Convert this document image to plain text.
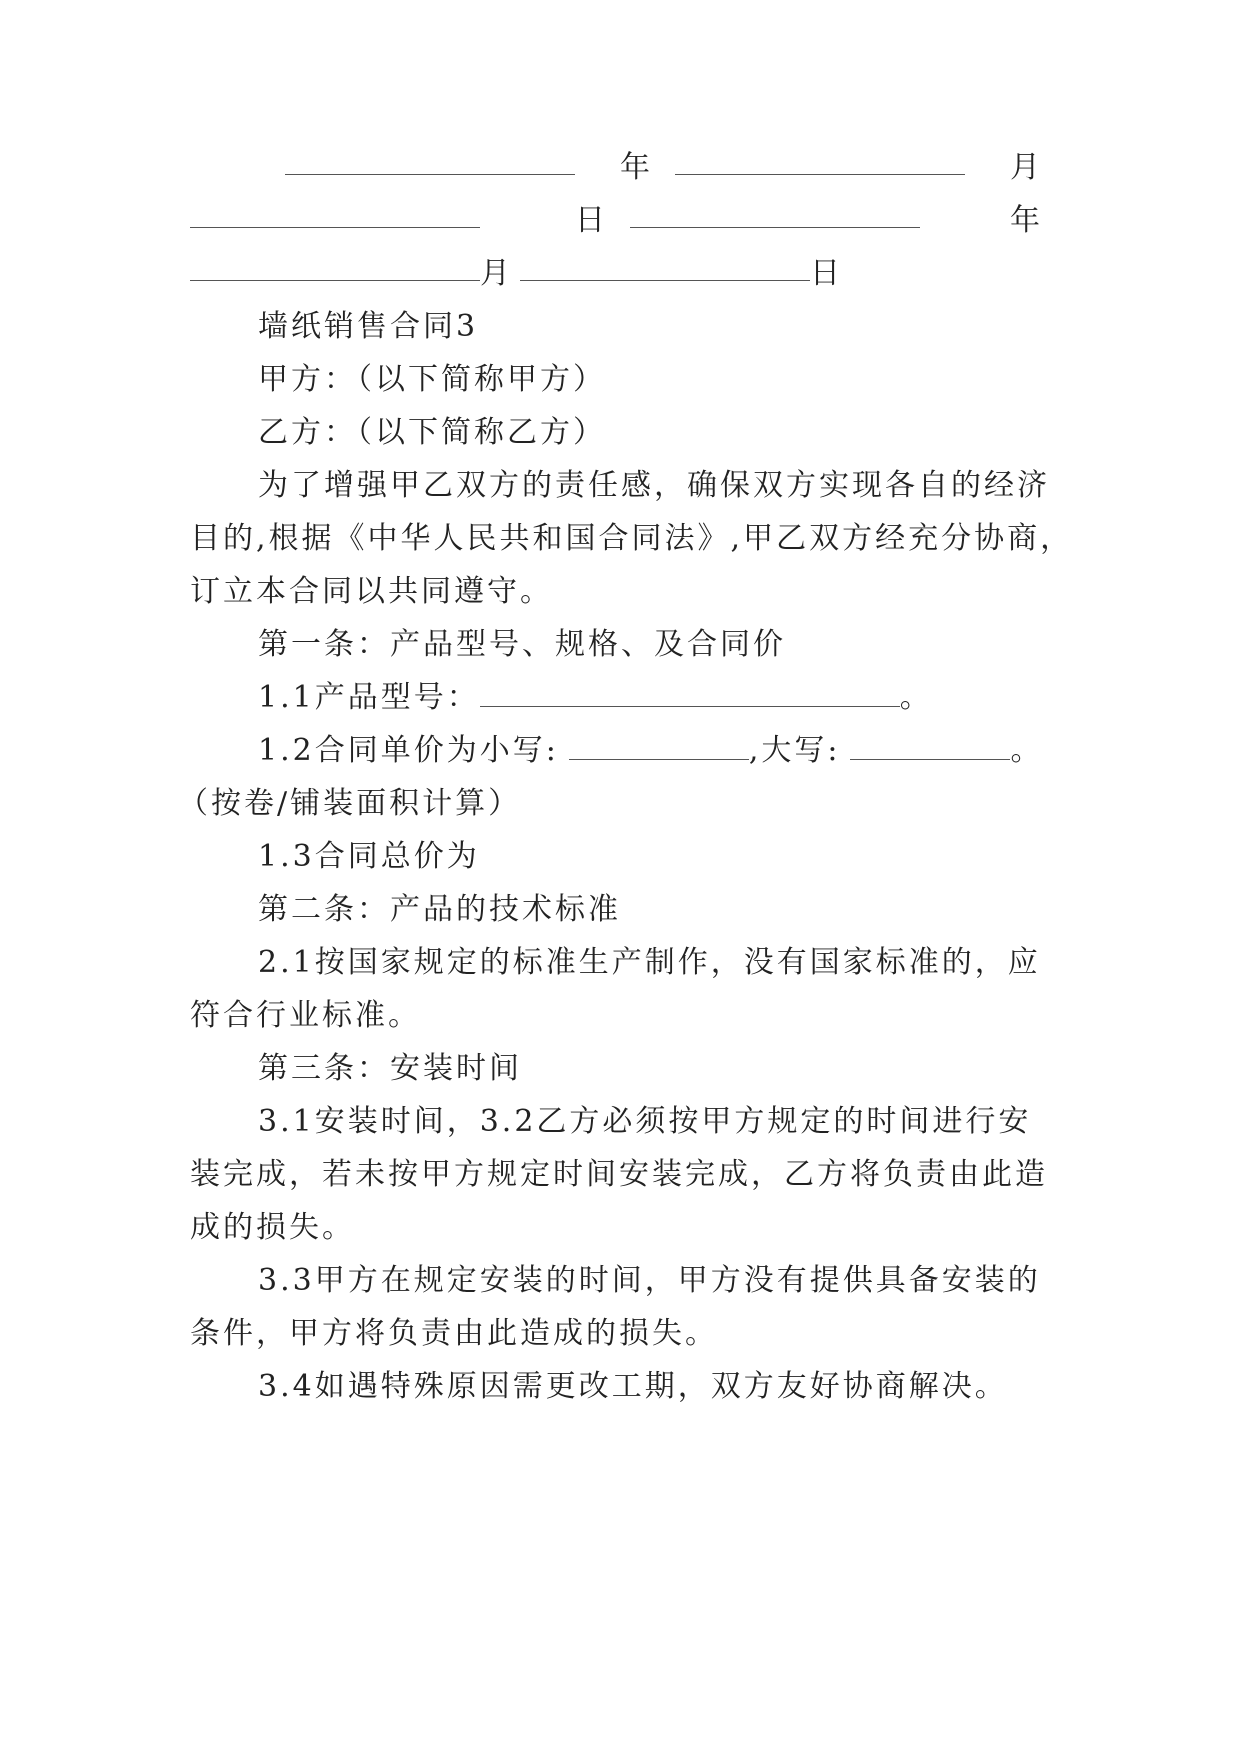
年	月
日	年
月	日
墙纸销售合同3
甲方：（以下简称甲方）
乙方：（以下简称乙方）
为了增强甲乙双方的责任感，确保双方实现各自的经济
目的,根据《中华人民共和国合同法》,甲乙双方经充分协商，
订立本合同以共同遵守。
第一条：产品型号、规格、及合同价
1.1产品型号：	。
1.2合同单价为小写:	,大写:	。
（按卷/铺装面积计算）
1.3合同总价为
第二条：产品的技术标准
2.1按国家规定的标准生产制作，没有国家标准的，应
符合行业标准。
第三条：安装时间
3.1安装时间，3.2乙方必须按甲方规定的时间进行安
装完成，若未按甲方规定时间安装完成，乙方将负责由此造
成的损失。
3.3甲方在规定安装的时间，甲方没有提供具备安装的
条件，甲方将负责由此造成的损失。
3.4如遇特殊原因需更改工期，双方友好协商解决。
